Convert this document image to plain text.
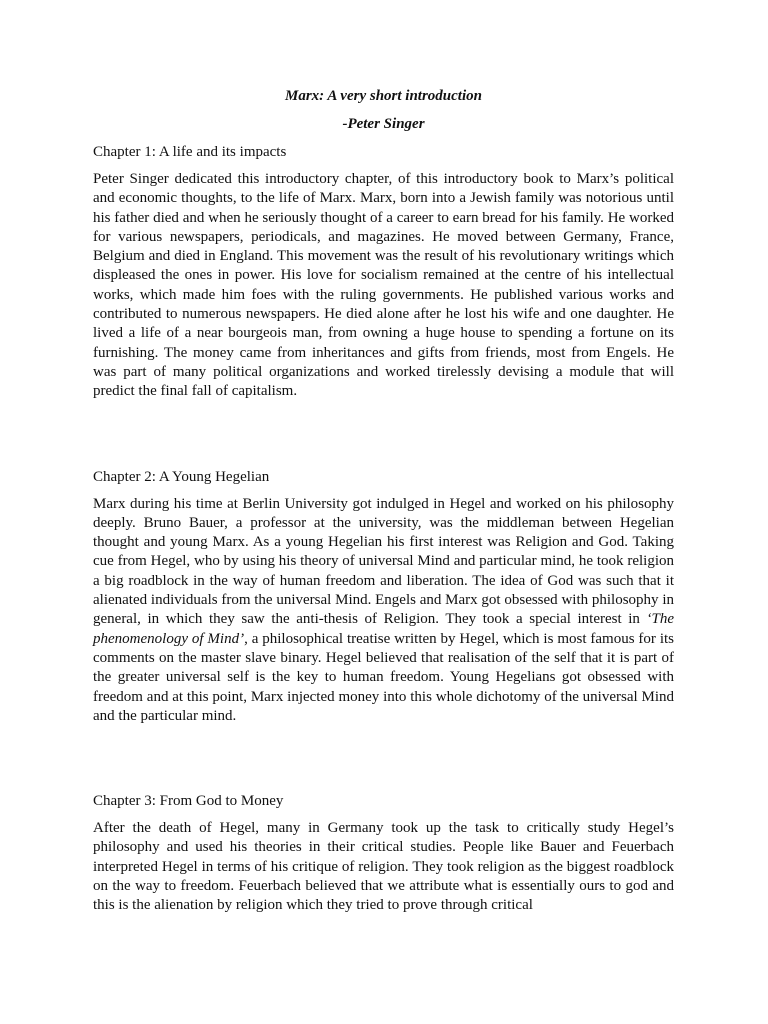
Marx: A very short introduction

-Peter Singer

Chapter 1: A life and its impacts

Peter Singer dedicated this introductory chapter, of this introductory book to Marx’s political and economic thoughts, to the life of Marx. Marx, born into a Jewish family was notorious until his father died and when he seriously thought of a career to earn bread for his family. He worked for various newspapers, periodicals, and magazines. He moved between Germany, France, Belgium and died in England. This movement was the result of his revolutionary writings which displeased the ones in power. His love for socialism remained at the centre of his intellectual works, which made him foes with the ruling governments. He published various works and contributed to numerous newspapers. He died alone after he lost his wife and one daughter. He lived a life of a near bourgeois man, from owning a huge house to spending a fortune on its furnishing. The money came from inheritances and gifts from friends, most from Engels. He was part of many political organizations and worked tirelessly devising a module that will predict the final fall of capitalism.

Chapter 2: A Young Hegelian

Marx during his time at Berlin University got indulged in Hegel and worked on his philosophy deeply. Bruno Bauer, a professor at the university, was the middleman between Hegelian thought and young Marx. As a young Hegelian his first interest was Religion and God. Taking cue from Hegel, who by using his theory of universal Mind and particular mind, he took religion a big roadblock in the way of human freedom and liberation. The idea of God was such that it alienated individuals from the universal Mind. Engels and Marx got obsessed with philosophy in general, in which they saw the anti-thesis of Religion. They took a special interest in ‘The phenomenology of Mind’, a philosophical treatise written by Hegel, which is most famous for its comments on the master slave binary. Hegel believed that realisation of the self that it is part of the greater universal self is the key to human freedom. Young Hegelians got obsessed with freedom and at this point, Marx injected money into this whole dichotomy of the universal Mind and the particular mind.

Chapter 3: From God to Money

After the death of Hegel, many in Germany took up the task to critically study Hegel’s philosophy and used his theories in their critical studies. People like Bauer and Feuerbach interpreted Hegel in terms of his critique of religion. They took religion as the biggest roadblock on the way to freedom. Feuerbach believed that we attribute what is essentially ours to god and this is the alienation by religion which they tried to prove through critical
